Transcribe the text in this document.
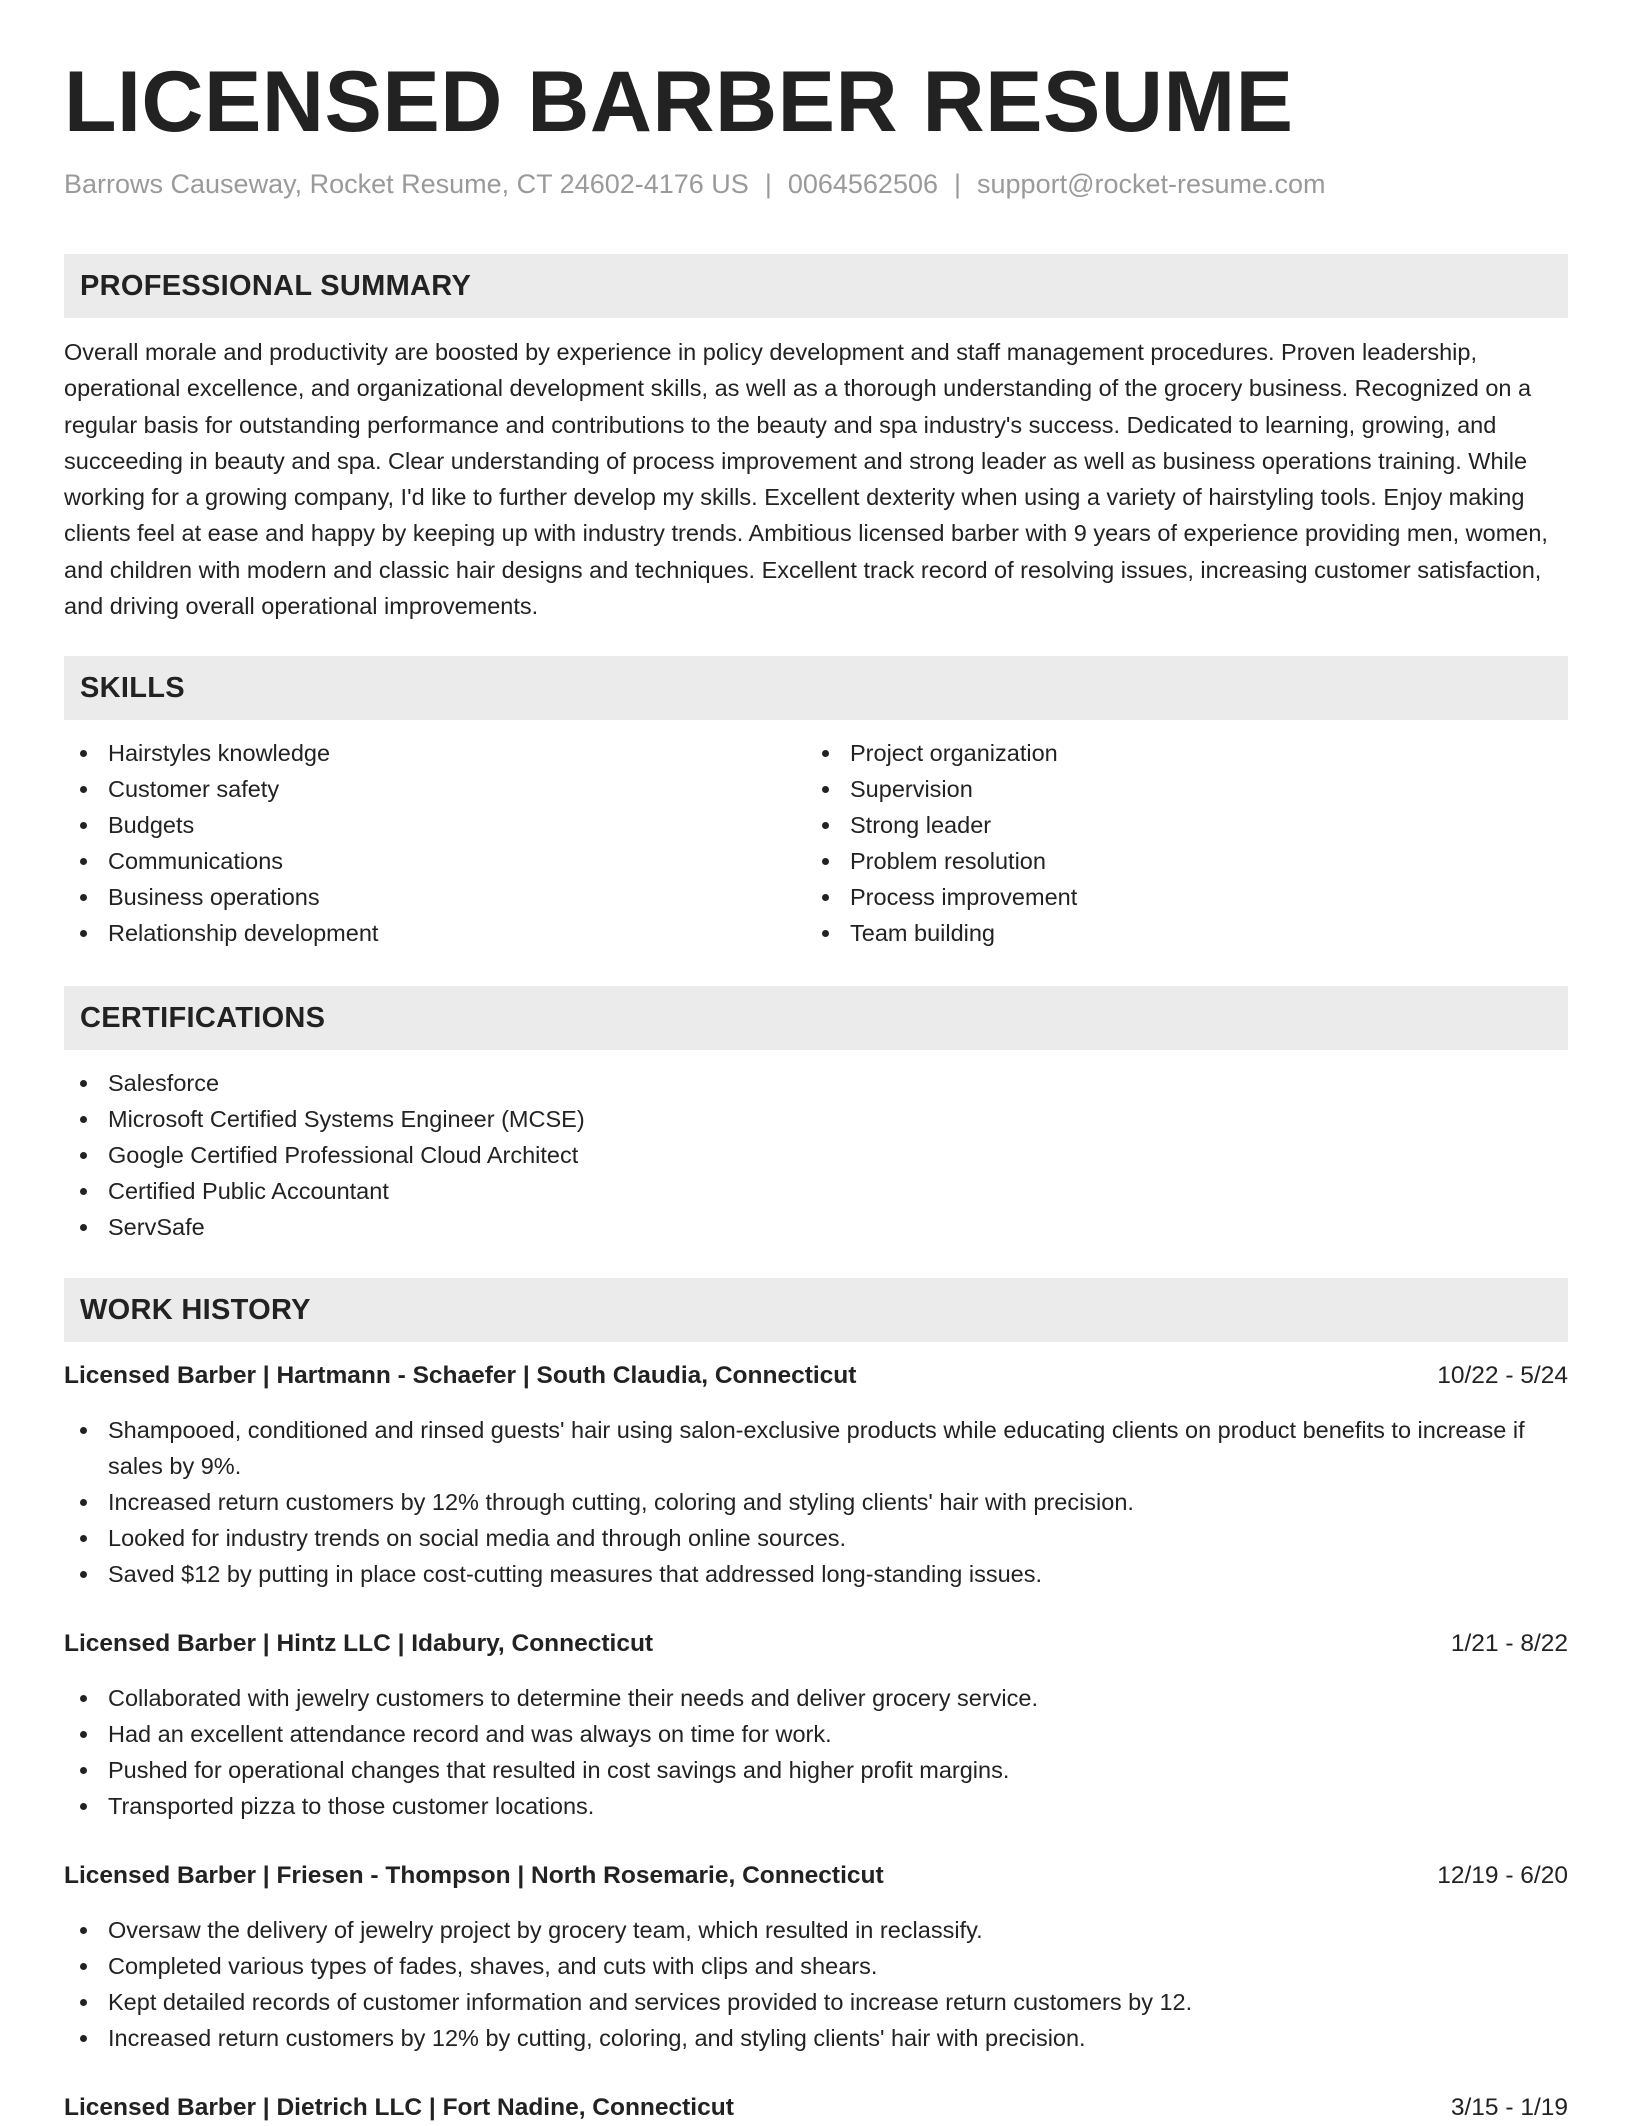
LICENSED BARBER RESUME
Barrows Causeway, Rocket Resume, CT 24602-4176 US | 0064562506 | support@rocket-resume.com
PROFESSIONAL SUMMARY

Overall morale and productivity are boosted by experience in policy development and staff management procedures. Proven leadership, operational excellence, and organizational development skills, as well as a thorough understanding of the grocery business. Recognized on a regular basis for outstanding performance and contributions to the beauty and spa industry's success. Dedicated to learning, growing, and succeeding in beauty and spa. Clear understanding of process improvement and strong leader as well as business operations training. While working for a growing company, I'd like to further develop my skills. Excellent dexterity when using a variety of hairstyling tools. Enjoy making clients feel at ease and happy by keeping up with industry trends. Ambitious licensed barber with 9 years of experience providing men, women, and children with modern and classic hair designs and techniques. Excellent track record of resolving issues, increasing customer satisfaction, and driving overall operational improvements.

SKILLS
Hairstyles knowledge
Customer safety
Budgets
Communications
Business operations
Relationship development
Project organization
Supervision
Strong leader
Problem resolution
Process improvement
Team building
CERTIFICATIONS
Salesforce
Microsoft Certified Systems Engineer (MCSE)
Google Certified Professional Cloud Architect
Certified Public Accountant
ServSafe
WORK HISTORY
Licensed Barber | Hartmann - Schaefer | South Claudia, Connecticut	10/22 - 5/24
Shampooed, conditioned and rinsed guests' hair using salon-exclusive products while educating clients on product benefits to increase if sales by 9%.
Increased return customers by 12% through cutting, coloring and styling clients' hair with precision.
Looked for industry trends on social media and through online sources.
Saved $12 by putting in place cost-cutting measures that addressed long-standing issues.
Licensed Barber | Hintz LLC | Idabury, Connecticut	1/21 - 8/22
Collaborated with jewelry customers to determine their needs and deliver grocery service.
Had an excellent attendance record and was always on time for work.
Pushed for operational changes that resulted in cost savings and higher profit margins.
Transported pizza to those customer locations.
Licensed Barber | Friesen - Thompson | North Rosemarie, Connecticut	12/19 - 6/20
Oversaw the delivery of jewelry project by grocery team, which resulted in reclassify.
Completed various types of fades, shaves, and cuts with clips and shears.
Kept detailed records of customer information and services provided to increase return customers by 12.
Increased return customers by 12% by cutting, coloring, and styling clients' hair with precision.
Licensed Barber | Dietrich LLC | Fort Nadine, Connecticut	3/15 - 1/19
